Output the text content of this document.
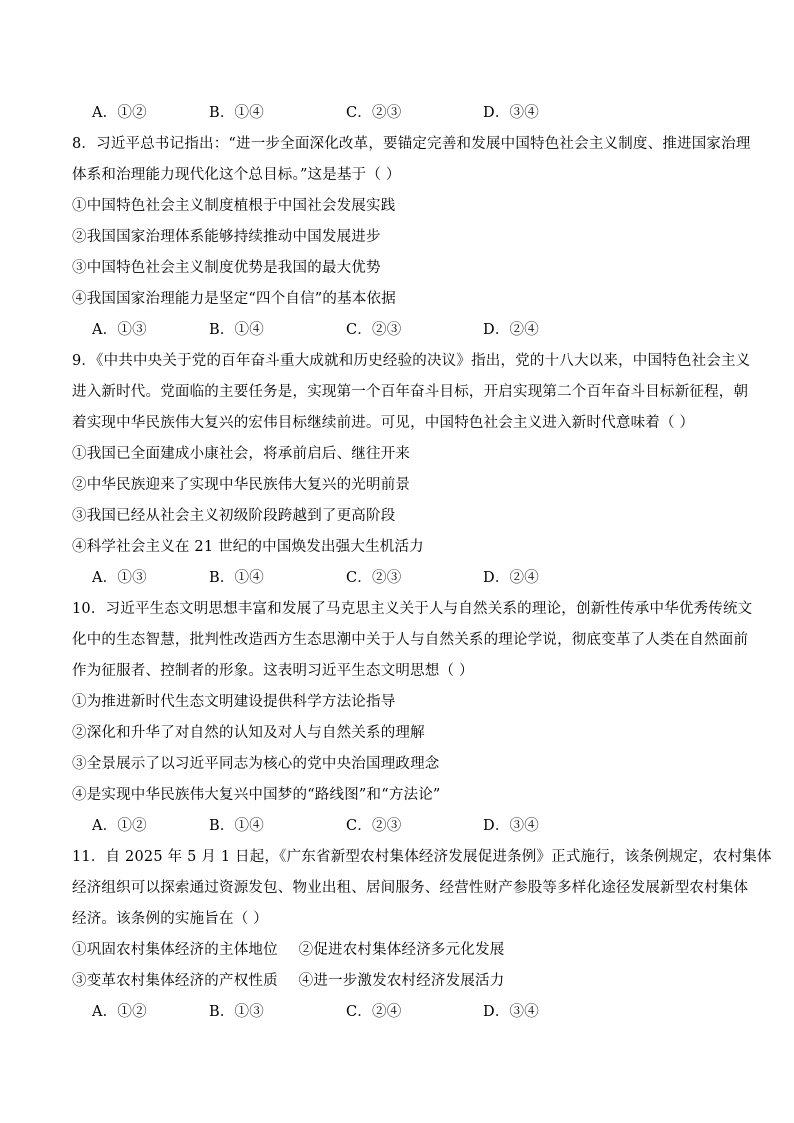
A．①②	B．①④	C．②③	D．③④
8．习近平总书记指出：“进一步全面深化改革，要锚定完善和发展中国特色社会主义制度、推进国家治理
体系和治理能力现代化这个总目标。”这是基于（ ）
①中国特色社会主义制度植根于中国社会发展实践
②我国国家治理体系能够持续推动中国发展进步
③中国特色社会主义制度优势是我国的最大优势
④我国国家治理能力是坚定“四个自信”的基本依据
A．①③	B．①④	C．②③	D．②④
9．《中共中央关于党的百年奋斗重大成就和历史经验的决议》指出，党的十八大以来，中国特色社会主义
进入新时代。党面临的主要任务是，实现第一个百年奋斗目标，开启实现第二个百年奋斗目标新征程，朝
着实现中华民族伟大复兴的宏伟目标继续前进。可见，中国特色社会主义进入新时代意味着（ ）
①我国已全面建成小康社会，将承前启后、继往开来
②中华民族迎来了实现中华民族伟大复兴的光明前景
③我国已经从社会主义初级阶段跨越到了更高阶段
④科学社会主义在 21 世纪的中国焕发出强大生机活力
A．①③	B．①④	C．②③	D．②④
10．习近平生态文明思想丰富和发展了马克思主义关于人与自然关系的理论，创新性传承中华优秀传统文
化中的生态智慧，批判性改造西方生态思潮中关于人与自然关系的理论学说，彻底变革了人类在自然面前
作为征服者、控制者的形象。这表明习近平生态文明思想（ ）
①为推进新时代生态文明建设提供科学方法论指导
②深化和升华了对自然的认知及对人与自然关系的理解
③全景展示了以习近平同志为核心的党中央治国理政理念
④是实现中华民族伟大复兴中国梦的“路线图”和“方法论”
A．①②	B．①④	C．②③	D．③④
11．自 2025 年 5 月 1 日起，《广东省新型农村集体经济发展促进条例》正式施行，该条例规定，农村集体
经济组织可以探索通过资源发包、物业出租、居间服务、经营性财产参股等多样化途径发展新型农村集体
经济。该条例的实施旨在（ ）
①巩固农村集体经济的主体地位 ②促进农村集体经济多元化发展
③变革农村集体经济的产权性质 ④进一步激发农村经济发展活力
A．①②	B．①③	C．②④	D．③④
